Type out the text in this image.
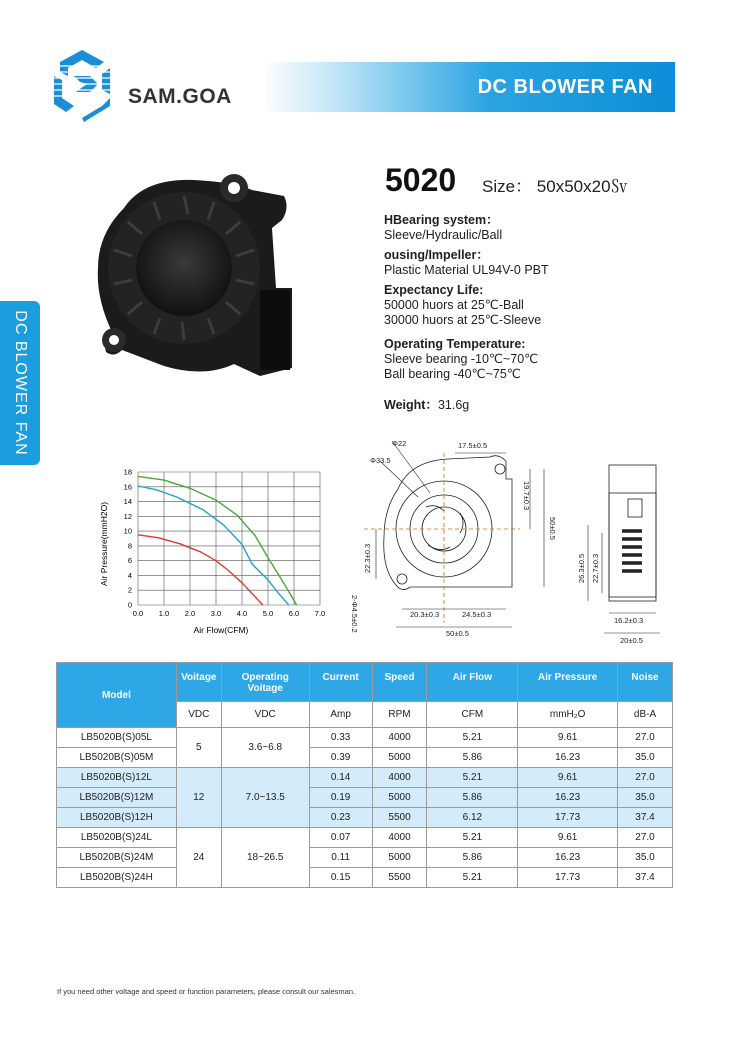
SAM.GOA	DC BLOWER FAN
DC BLOWER FAN
5020 Size： 50x50x20㏜
HBearing system：
Sleeve/Hydraulic/Ball
ousing/Impeller：
Plastic Material UL94V-0 PBT
Expectancy Life:
50000 huors at 25℃-Ball
30000 huors at 25℃-Sleeve
Operating Temperature:
Sleeve bearing -10℃~70℃
Ball bearing -40℃~75℃
Weight：31.6g
0.0 1.0 2.0 3.0 4.0 5.0 6.0 7.0
0
2
4
6
8
10
12
14
16
18
Air Flow(CFM)
Air Pressure(mmH2O)
Φ22
Φ33.5
17.5±0.5
19.7±0.3
50±0.5
22.3±0.3
2-Φ4.5±0.2	20.3±0.3	24.5±0.3
50±0.5
26.3±0.5 22.7±0.3
16.2±0.3
20±0.5
Model	Voitage	Operating Voitage	Current	Speed	Air Flow	Air Pressure	Noise
	VDC	VDC	Amp	RPM	CFM	mmH₂O	dB-A
LB5020B(S)05L	5	3.6~6.8	0.33	4000	5.21	9.61	27.0
LB5020B(S)05M			0.39	5000	5.86	16.23	35.0
LB5020B(S)12L	12	7.0~13.5	0.14	4000	5.21	9.61	27.0
LB5020B(S)12M			0.19	5000	5.86	16.23	35.0
LB5020B(S)12H			0.23	5500	6.12	17.73	37.4
LB5020B(S)24L	24	18~26.5	0.07	4000	5.21	9.61	27.0
LB5020B(S)24M			0.11	5000	5.86	16.23	35.0
LB5020B(S)24H			0.15	5500	5.21	17.73	37.4
If you need other voltage and speed or function parameters, please consult our salesman.
